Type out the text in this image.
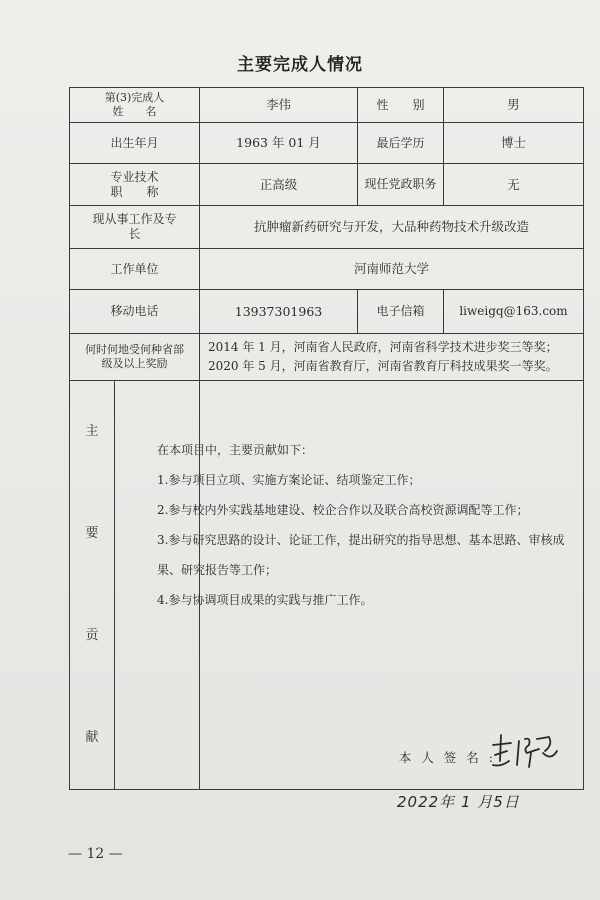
主要完成人情况
第(3)完成人
姓　　名	李伟	性　　别	男
出生年月	1963 年 01 月	最后学历	博士

专业技术
职　　称	正高级	现任党政职务	无
现从事工作及专长	抗肿瘤新药研究与开发，大品种药物技术升级改造		
工作单位	河南师范大学		
移动电话	13937301963	电子信箱	liweigq@163.com
何时何地受何种省部级及以上奖励	2014 年 1 月，河南省人民政府，河南省科学技术进步奖三等奖；
2020 年 5 月，河南省教育厅，河南省教育厅科技成果奖一等奖。		

主
要
贡
献			

在本项目中，主要贡献如下：

1.参与项目立项、实施方案论证、结项鉴定工作；

2.参与校内外实践基地建设、校企合作以及联合高校资源调配等工作；

3.参与研究思路的设计、论证工作，提出研究的指导思想、基本思路、审核成果、研究报告等工作；

4.参与协调项目成果的实践与推广工作。

本人签名:
2022年 1 月5日
— 12 —
